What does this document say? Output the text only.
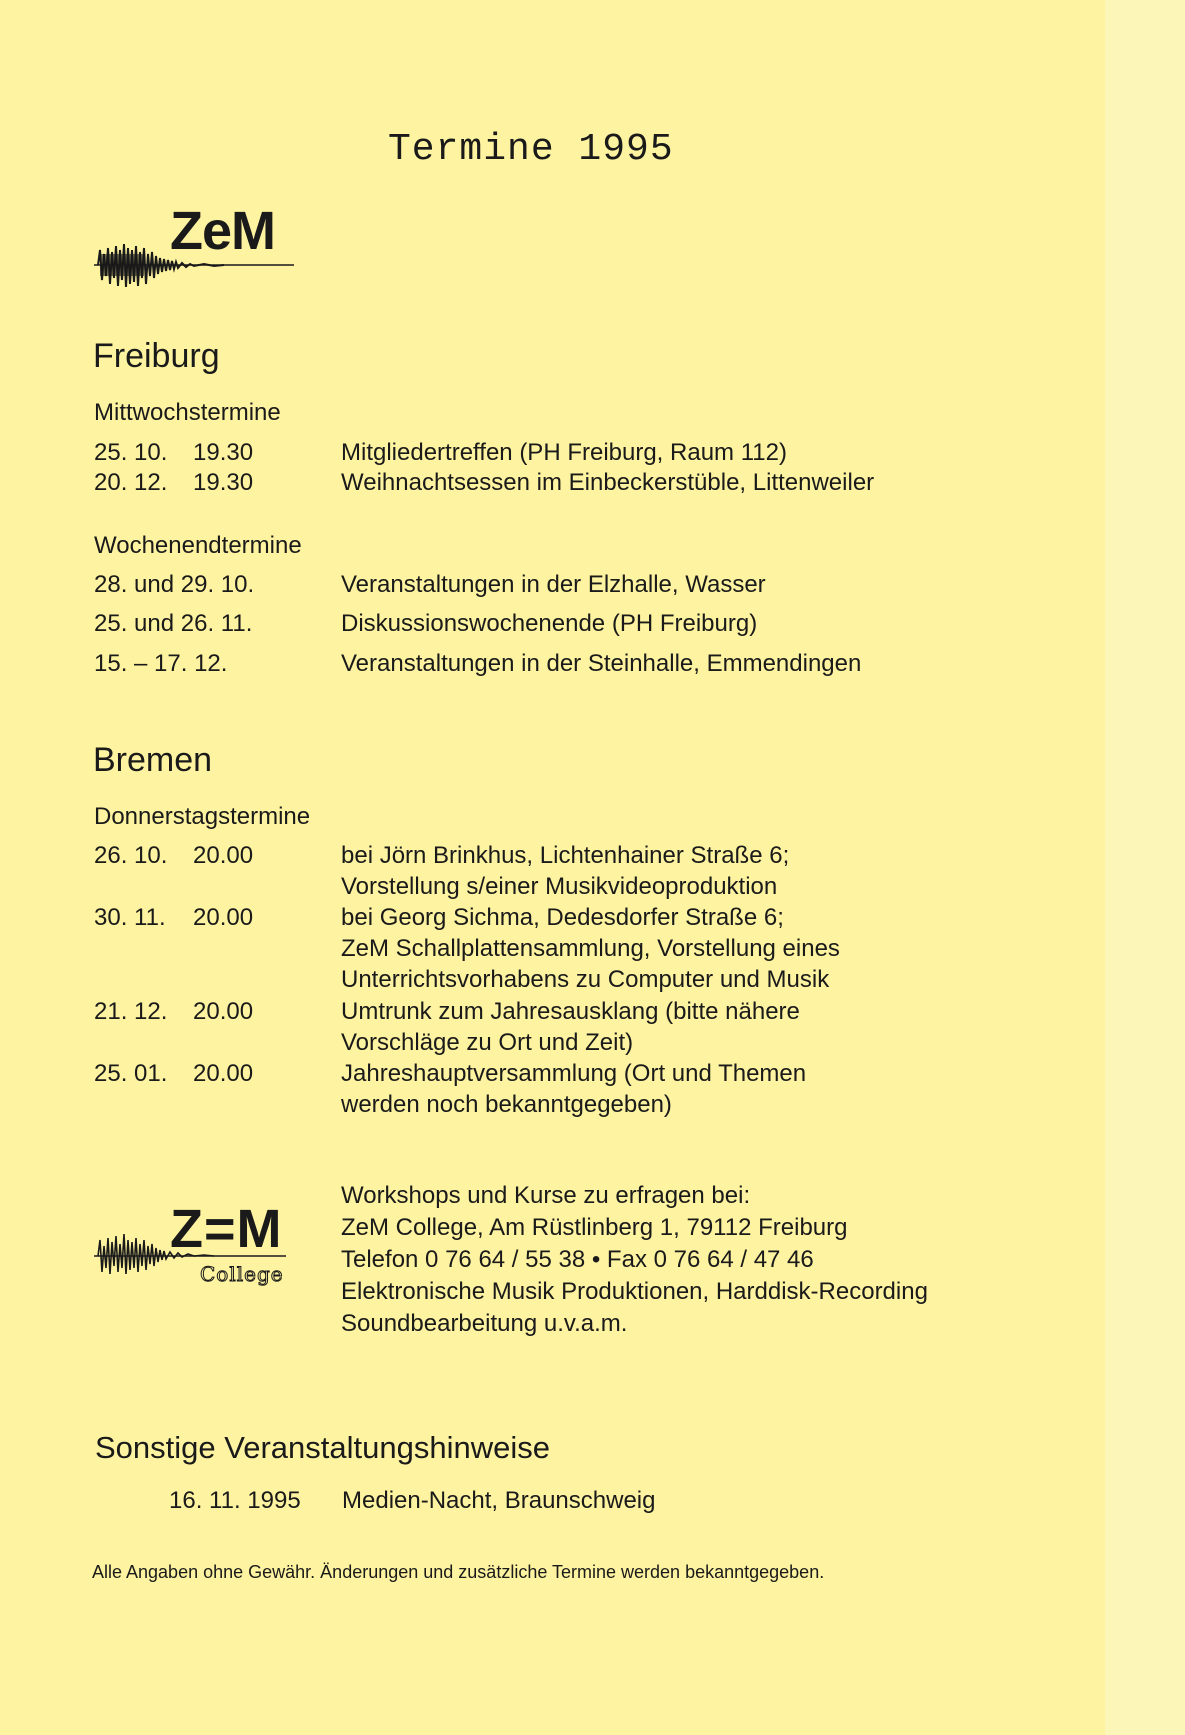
Termine 1995
ZeM
Freiburg
Mittwochstermine
25. 10. 19.30	Mitgliedertreffen (PH Freiburg, Raum 112)
20. 12. 19.30	Weihnachtsessen im Einbeckerstüble, Littenweiler
Wochenendtermine
28. und 29. 10.	Veranstaltungen in der Elzhalle, Wasser
25. und 26. 11.	Diskussionswochenende (PH Freiburg)
15. – 17. 12.	Veranstaltungen in der Steinhalle, Emmendingen
Bremen
Donnerstagstermine
26. 10. 20.00	bei Jörn Brinkhus, Lichtenhainer Straße 6;
Vorstellung s/einer Musikvideoproduktion
30. 11. 20.00	bei Georg Sichma, Dedesdorfer Straße 6;
ZeM Schallplattensammlung, Vorstellung eines
Unterrichtsvorhabens zu Computer und Musik
21. 12. 20.00	Umtrunk zum Jahresausklang (bitte nähere
Vorschläge zu Ort und Zeit)
25. 01. 20.00	Jahreshauptversammlung (Ort und Themen
werden noch bekanntgegeben)
Z=M
College
Workshops und Kurse zu erfragen bei:
ZeM College, Am Rüstlinberg 1, 79112 Freiburg
Telefon 0 76 64 / 55 38 • Fax 0 76 64 / 47 46
Elektronische Musik Produktionen, Harddisk-Recording
Soundbearbeitung u.v.a.m.
Sonstige Veranstaltungshinweise
16. 11. 1995 Medien-Nacht, Braunschweig
Alle Angaben ohne Gewähr. Änderungen und zusätzliche Termine werden bekanntgegeben.
